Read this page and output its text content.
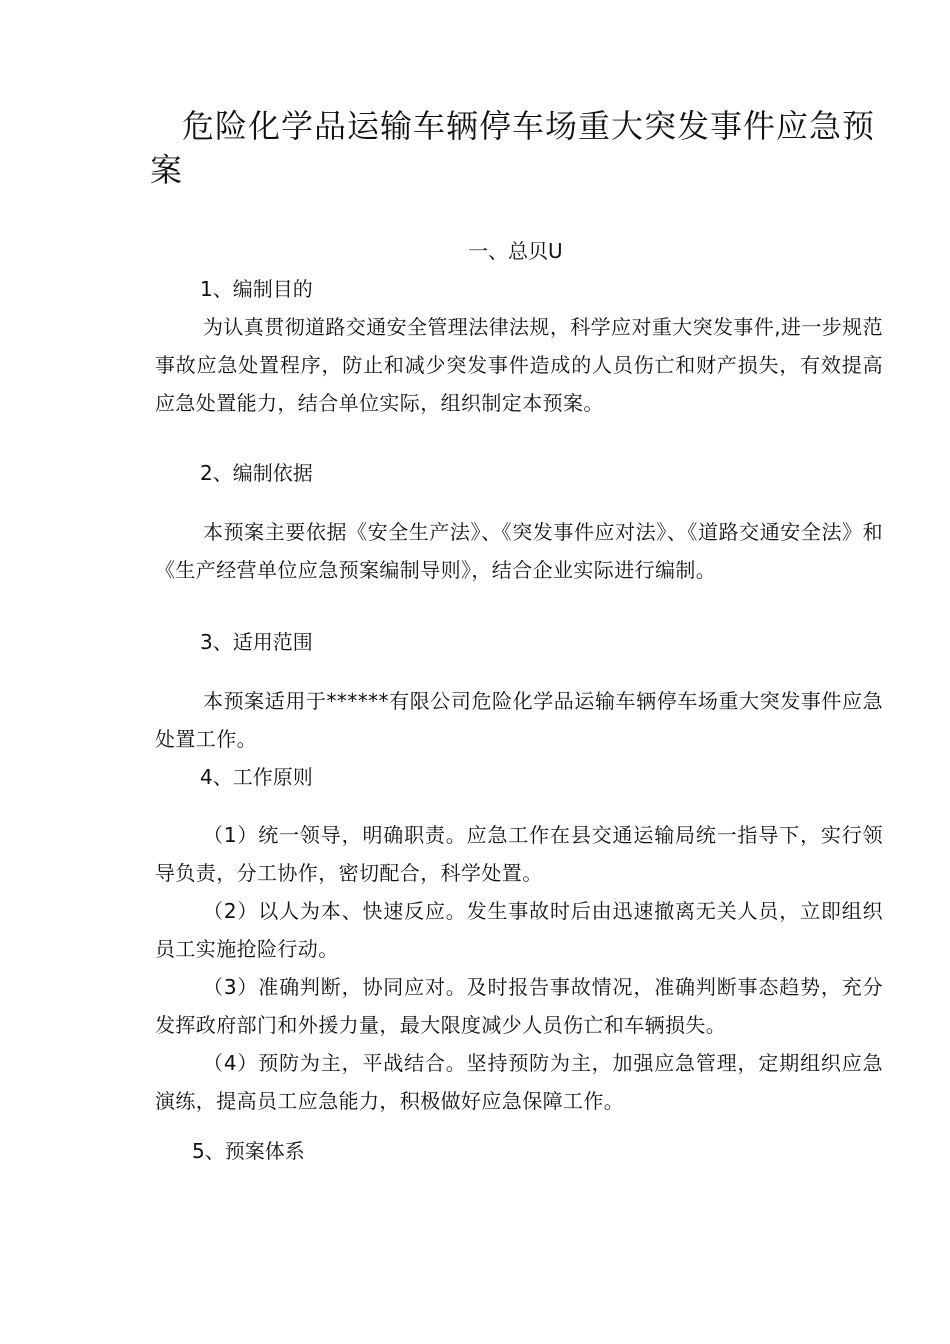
危险化学品运输车辆停车场重大突发事件应急预案

一、总贝U

1、编制目的

为认真贯彻道路交通安全管理法律法规，科学应对重大突发事件,进一步规范事故应急处置程序，防止和减少突发事件造成的人员伤亡和财产损失，有效提高应急处置能力，结合单位实际，组织制定本预案。

2、编制依据

本预案主要依据《安全生产法》、《突发事件应对法》、《道路交通安全法》和《生产经营单位应急预案编制导则》，结合企业实际进行编制。

3、适用范围

本预案适用于******有限公司危险化学品运输车辆停车场重大突发事件应急处置工作。

4、工作原则

（1）统一领导，明确职责。应急工作在县交通运输局统一指导下，实行领导负责，分工协作，密切配合，科学处置。

（2）以人为本、快速反应。发生事故时后由迅速撤离无关人员，立即组织员工实施抢险行动。

（3）准确判断，协同应对。及时报告事故情况，准确判断事态趋势，充分发挥政府部门和外援力量，最大限度减少人员伤亡和车辆损失。

（4）预防为主，平战结合。坚持预防为主，加强应急管理，定期组织应急演练，提高员工应急能力，积极做好应急保障工作。

5、预案体系
